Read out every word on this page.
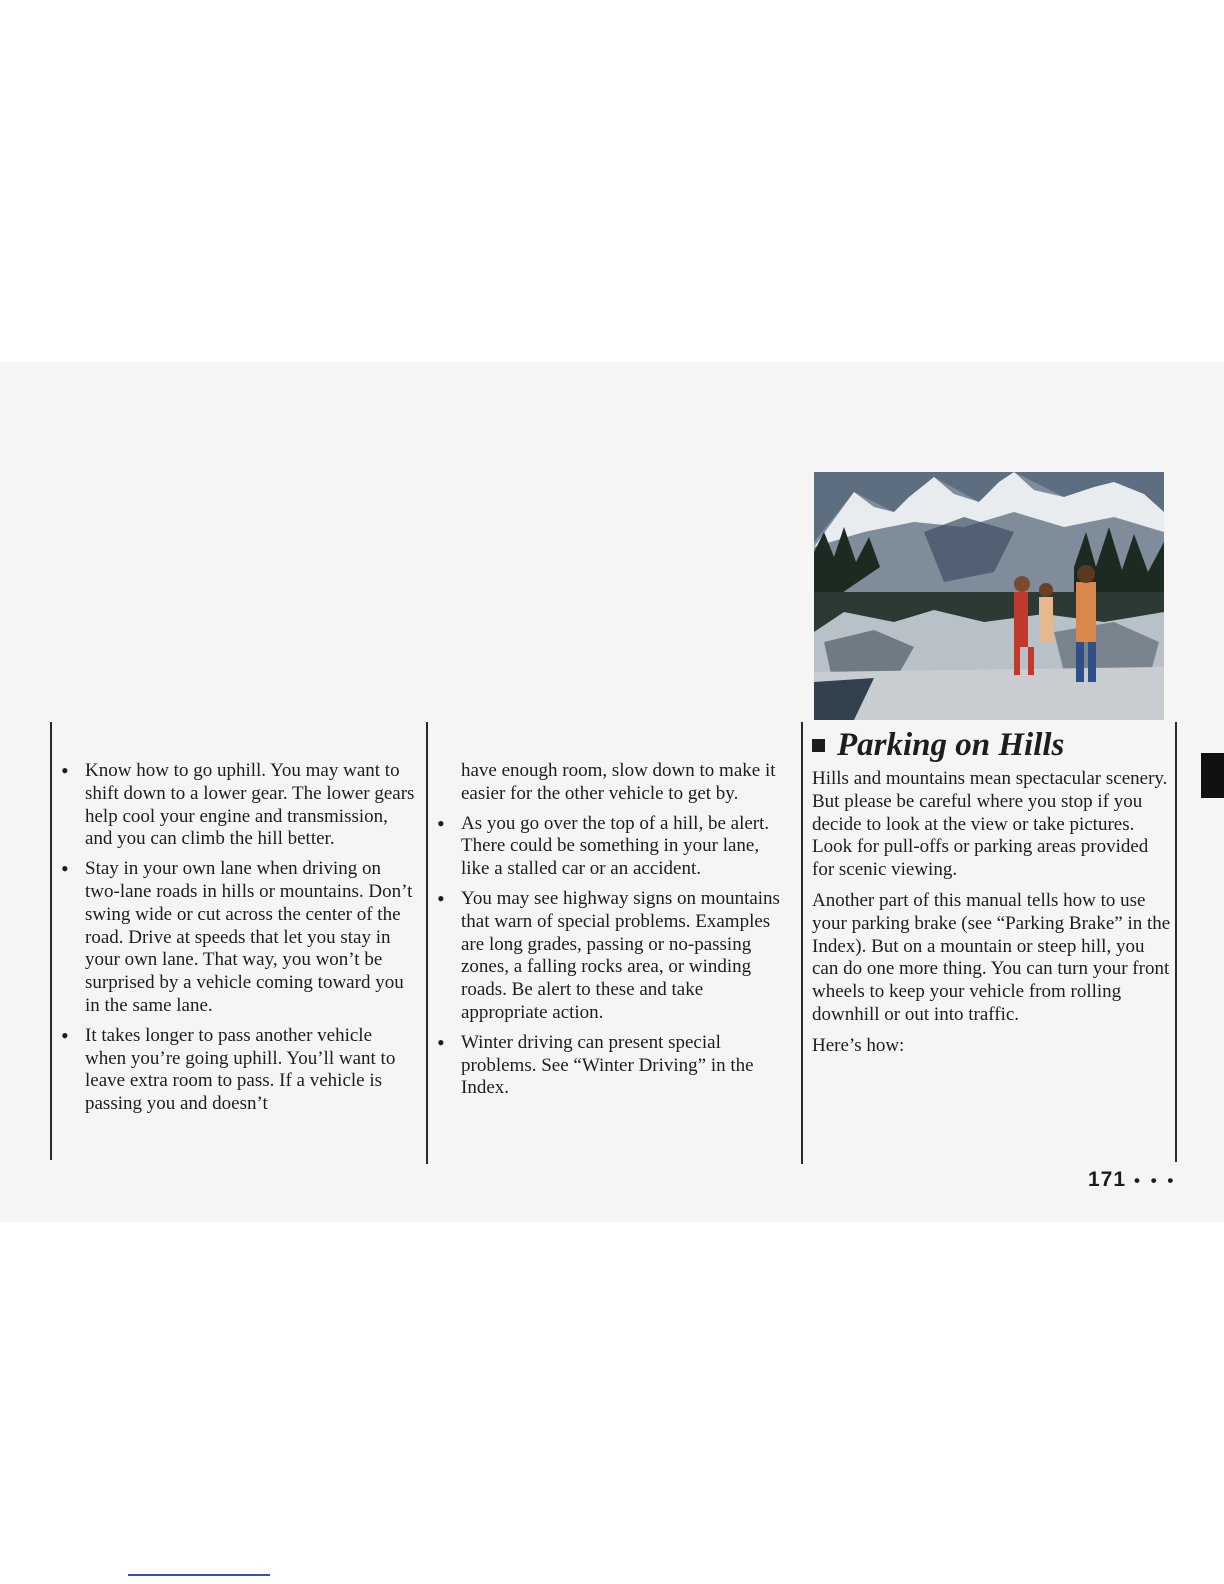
• Know how to go uphill. You may want to shift down to a lower gear. The lower gears help cool your engine and transmission, and you can climb the hill better.
• Stay in your own lane when driving on two-lane roads in hills or mountains. Don’t swing wide or cut across the center of the road. Drive at speeds that let you stay in your own lane. That way, you won’t be surprised by a vehicle coming toward you in the same lane.
• It takes longer to pass another vehicle when you’re going uphill. You’ll want to leave extra room to pass. If a vehicle is passing you and doesn’t

have enough room, slow down to make it easier for the other vehicle to get by.

• As you go over the top of a hill, be alert. There could be something in your lane, like a stalled car or an accident.
• You may see highway signs on mountains that warn of special problems. Examples are long grades, passing or no-passing zones, a falling rocks area, or winding roads. Be alert to these and take appropriate action.
• Winter driving can present special problems. See “Winter Driving” in the Index.
Parking on Hills

Hills and mountains mean spectacular scenery. But please be careful where you stop if you decide to look at the view or take pictures. Look for pull-offs or parking areas provided for scenic viewing.

Another part of this manual tells how to use your parking brake (see “Parking Brake” in the Index). But on a mountain or steep hill, you can do one more thing. You can turn your front wheels to keep your vehicle from rolling downhill or out into traffic.

Here’s how:

171 • • •
